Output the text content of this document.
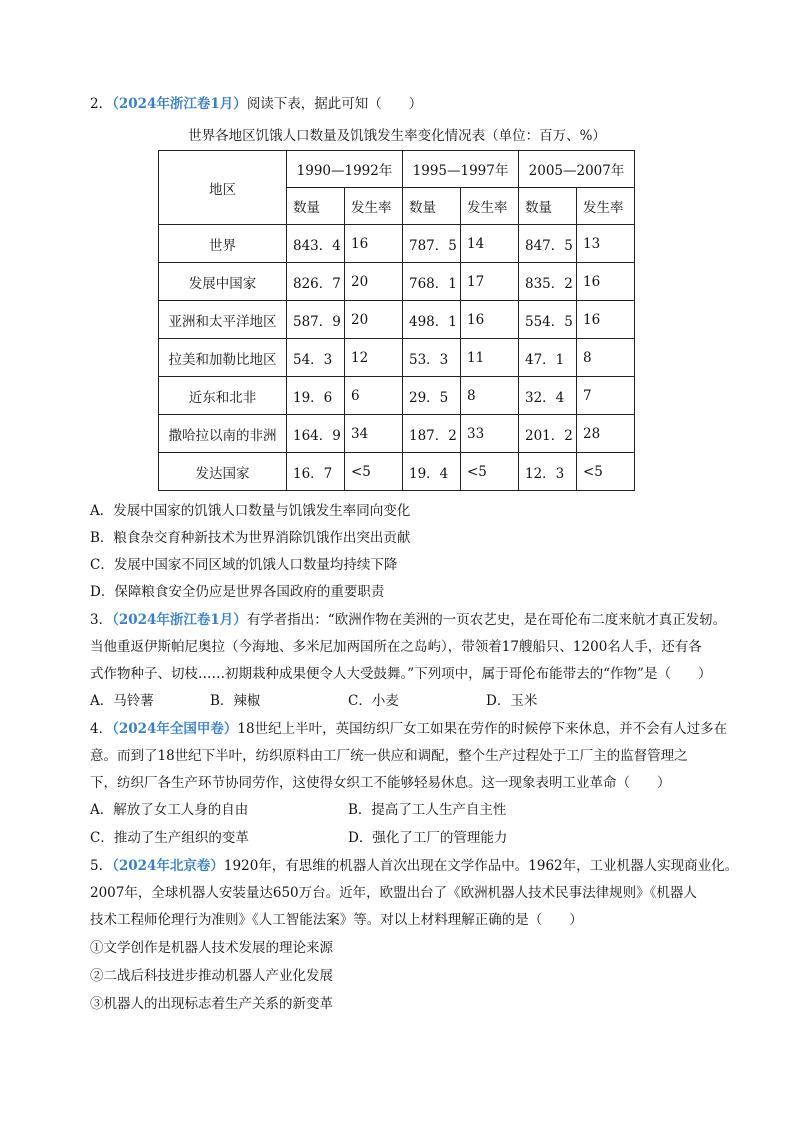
2．（2024年浙江卷1月）阅读下表，据此可知（　　）
世界各地区饥饿人口数量及饥饿发生率变化情况表（单位：百万、%）
地区	1990—1992年		1995—1997年		2005—2007年	
	数量	发生率	数量	发生率	数量	发生率
世界	843．4	16	787．5	14	847．5	13
发展中国家	826．7	20	768．1	17	835．2	16
亚洲和太平洋地区	587．9	20	498．1	16	554．5	16
拉美和加勒比地区	54．3	12	53．3	11	47．1	8
近东和北非	19．6	6	29．5	8	32．4	7
撒哈拉以南的非洲	164．9	34	187．2	33	201．2	28
发达国家	16．7	<5	19．4	<5	12．3	<5
A．发展中国家的饥饿人口数量与饥饿发生率同向变化
B．粮食杂交育种新技术为世界消除饥饿作出突出贡献
C．发展中国家不同区域的饥饿人口数量均持续下降
D．保障粮食安全仍应是世界各国政府的重要职责
3．（2024年浙江卷1月）有学者指出：“欧洲作物在美洲的一页农艺史，是在哥伦布二度来航才真正发轫。
当他重返伊斯帕尼奥拉（今海地、多米尼加两国所在之岛屿），带领着17艘船只、1200名人手，还有各
式作物种子、切枝……初期栽种成果便令人大受鼓舞。”下列项中，属于哥伦布能带去的“作物”是（　　）
A．马铃薯	B．辣椒	C．小麦	D．玉米
4．（2024年全国甲卷）18世纪上半叶，英国纺织厂女工如果在劳作的时候停下来休息，并不会有人过多在
意。而到了18世纪下半叶，纺织原料由工厂统一供应和调配，整个生产过程处于工厂主的监督管理之
下，纺织厂各生产环节协同劳作，这使得女织工不能够轻易休息。这一现象表明工业革命（　　）
A．解放了女工人身的自由	B．提高了工人生产自主性
C．推动了生产组织的变革	D．强化了工厂的管理能力
5．（2024年北京卷）1920年，有思维的机器人首次出现在文学作品中。1962年，工业机器人实现商业化。
2007年，全球机器人安装量达650万台。近年，欧盟出台了《欧洲机器人技术民事法律规则》《机器人
技术工程师伦理行为准则》《人工智能法案》等。对以上材料理解正确的是（　　）
①文学创作是机器人技术发展的理论来源
②二战后科技进步推动机器人产业化发展
③机器人的出现标志着生产关系的新变革
